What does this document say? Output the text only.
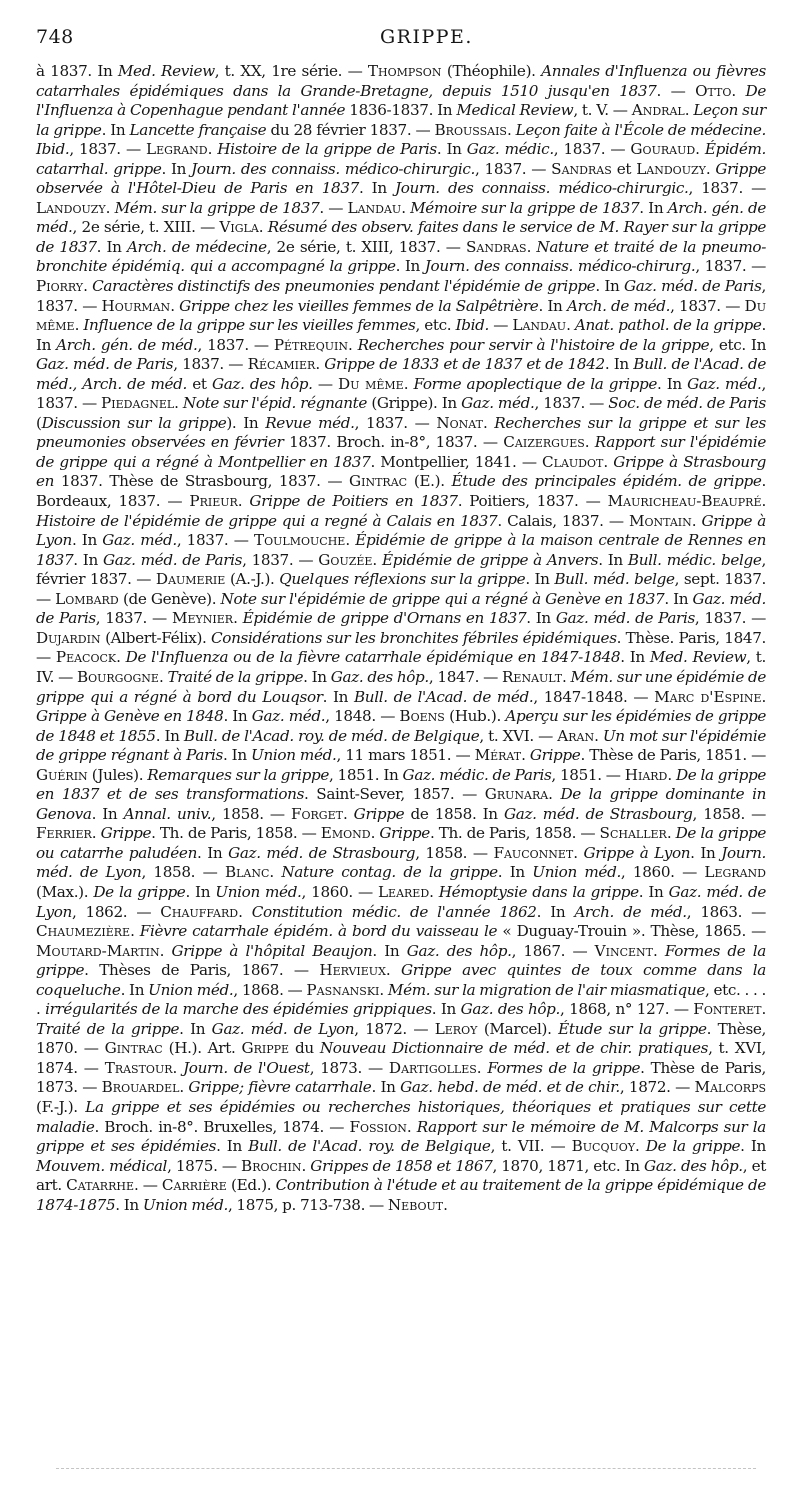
748	GRIPPE.

à 1837. In Med. Review, t. XX, 1re série. — Thompson (Théophile). Annales d'Influenza ou fièvres catarrhales épidémiques dans la Grande-Bretagne, depuis 1510 jusqu'en 1837. — Otto. De l'Influenza à Copenhague pendant l'année 1836-1837. In Medical Review, t. V. — Andral. Leçon sur la grippe. In Lancette française du 28 février 1837. — Broussais. Leçon faite à l'École de médecine. Ibid., 1837. — Legrand. Histoire de la grippe de Paris. In Gaz. médic., 1837. — Gouraud. Épidém. catarrhal. grippe. In Journ. des connaiss. médico-chirurgic., 1837. — Sandras et Landouzy. Grippe observée à l'Hôtel-Dieu de Paris en 1837. In Journ. des connaiss. médico-chirurgic., 1837. — Landouzy. Mém. sur la grippe de 1837. — Landau. Mémoire sur la grippe de 1837. In Arch. gén. de méd., 2e série, t. XIII. — Vigla. Résumé des observ. faites dans le service de M. Rayer sur la grippe de 1837. In Arch. de médecine, 2e série, t. XIII, 1837. — Sandras. Nature et traité de la pneumo-bronchite épidémiq. qui a accompagné la grippe. In Journ. des connaiss. médico-chirurg., 1837. — Piorry. Caractères distinctifs des pneumonies pendant l'épidémie de grippe. In Gaz. méd. de Paris, 1837. — Hourman. Grippe chez les vieilles femmes de la Salpêtrière. In Arch. de méd., 1837. — Du même. Influence de la grippe sur les vieilles femmes, etc. Ibid. — Landau. Anat. pathol. de la grippe. In Arch. gén. de méd., 1837. — Pétrequin. Recherches pour servir à l'histoire de la grippe, etc. In Gaz. méd. de Paris, 1837. — Récamier. Grippe de 1833 et de 1837 et de 1842. In Bull. de l'Acad. de méd., Arch. de méd. et Gaz. des hôp. — Du même. Forme apoplectique de la grippe. In Gaz. méd., 1837. — Piedagnel. Note sur l'épid. régnante (Grippe). In Gaz. méd., 1837. — Soc. de méd. de Paris (Discussion sur la grippe). In Revue méd., 1837. — Nonat. Recherches sur la grippe et sur les pneumonies observées en février 1837. Broch. in-8°, 1837. — Caizergues. Rapport sur l'épidémie de grippe qui a régné à Montpellier en 1837. Montpellier, 1841. — Claudot. Grippe à Strasbourg en 1837. Thèse de Strasbourg, 1837. — Gintrac (E.). Étude des principales épidém. de grippe. Bordeaux, 1837. — Prieur. Grippe de Poitiers en 1837. Poitiers, 1837. — Mauricheau-Beaupré. Histoire de l'épidémie de grippe qui a regné à Calais en 1837. Calais, 1837. — Montain. Grippe à Lyon. In Gaz. méd., 1837. — Toulmouche. Épidémie de grippe à la maison centrale de Rennes en 1837. In Gaz. méd. de Paris, 1837. — Gouzée. Épidémie de grippe à Anvers. In Bull. médic. belge, février 1837. — Daumerie (A.-J.). Quelques réflexions sur la grippe. In Bull. méd. belge, sept. 1837. — Lombard (de Genève). Note sur l'épidémie de grippe qui a régné à Genève en 1837. In Gaz. méd. de Paris, 1837. — Meynier. Épidémie de grippe d'Ornans en 1837. In Gaz. méd. de Paris, 1837. — Dujardin (Albert-Félix). Considérations sur les bronchites fébriles épidémiques. Thèse. Paris, 1847. — Peacock. De l'Influenza ou de la fièvre catarrhale épidémique en 1847-1848. In Med. Review, t. IV. — Bourgogne. Traité de la grippe. In Gaz. des hôp., 1847. — Renault. Mém. sur une épidémie de grippe qui a régné à bord du Louqsor. In Bull. de l'Acad. de méd., 1847-1848. — Marc d'Espine. Grippe à Genève en 1848. In Gaz. méd., 1848. — Boens (Hub.). Aperçu sur les épidémies de grippe de 1848 et 1855. In Bull. de l'Acad. roy. de méd. de Belgique, t. XVI. — Aran. Un mot sur l'épidémie de grippe régnant à Paris. In Union méd., 11 mars 1851. — Mérat. Grippe. Thèse de Paris, 1851. — Guérin (Jules). Remarques sur la grippe, 1851. In Gaz. médic. de Paris, 1851. — Hiard. De la grippe en 1837 et de ses transformations. Saint-Sever, 1857. — Grunara. De la grippe dominante in Genova. In Annal. univ., 1858. — Forget. Grippe de 1858. In Gaz. méd. de Strasbourg, 1858. — Ferrier. Grippe. Th. de Paris, 1858. — Emond. Grippe. Th. de Paris, 1858. — Schaller. De la grippe ou catarrhe paludéen. In Gaz. méd. de Strasbourg, 1858. — Fauconnet. Grippe à Lyon. In Journ. méd. de Lyon, 1858. — Blanc. Nature contag. de la grippe. In Union méd., 1860. — Legrand (Max.). De la grippe. In Union méd., 1860. — Leared. Hémoptysie dans la grippe. In Gaz. méd. de Lyon, 1862. — Chauffard. Constitution médic. de l'année 1862. In Arch. de méd., 1863. — Chaumezière. Fièvre catarrhale épidém. à bord du vaisseau le « Duguay-Trouin ». Thèse, 1865. — Moutard-Martin. Grippe à l'hôpital Beaujon. In Gaz. des hôp., 1867. — Vincent. Formes de la grippe. Thèses de Paris, 1867. — Hervieux. Grippe avec quintes de toux comme dans la coqueluche. In Union méd., 1868. — Pasnanski. Mém. sur la migration de l'air miasmatique, etc. . . . . irrégularités de la marche des épidémies grippiques. In Gaz. des hôp., 1868, n° 127. — Fonteret. Traité de la grippe. In Gaz. méd. de Lyon, 1872. — Leroy (Marcel). Étude sur la grippe. Thèse, 1870. — Gintrac (H.). Art. Grippe du Nouveau Dictionnaire de méd. et de chir. pratiques, t. XVI, 1874. — Trastour. Journ. de l'Ouest, 1873. — Dartigolles. Formes de la grippe. Thèse de Paris, 1873. — Brouardel. Grippe; fièvre catarrhale. In Gaz. hebd. de méd. et de chir., 1872. — Malcorps (F.-J.). La grippe et ses épidémies ou recherches historiques, théoriques et pratiques sur cette maladie. Broch. in-8°. Bruxelles, 1874. — Fossion. Rapport sur le mémoire de M. Malcorps sur la grippe et ses épidémies. In Bull. de l'Acad. roy. de Belgique, t. VII. — Bucquoy. De la grippe. In Mouvem. médical, 1875. — Brochin. Grippes de 1858 et 1867, 1870, 1871, etc. In Gaz. des hôp., et art. Catarrhe. — Carrière (Ed.). Contribution à l'étude et au traitement de la grippe épidémique de 1874-1875. In Union méd., 1875, p. 713-738. — Nebout.
